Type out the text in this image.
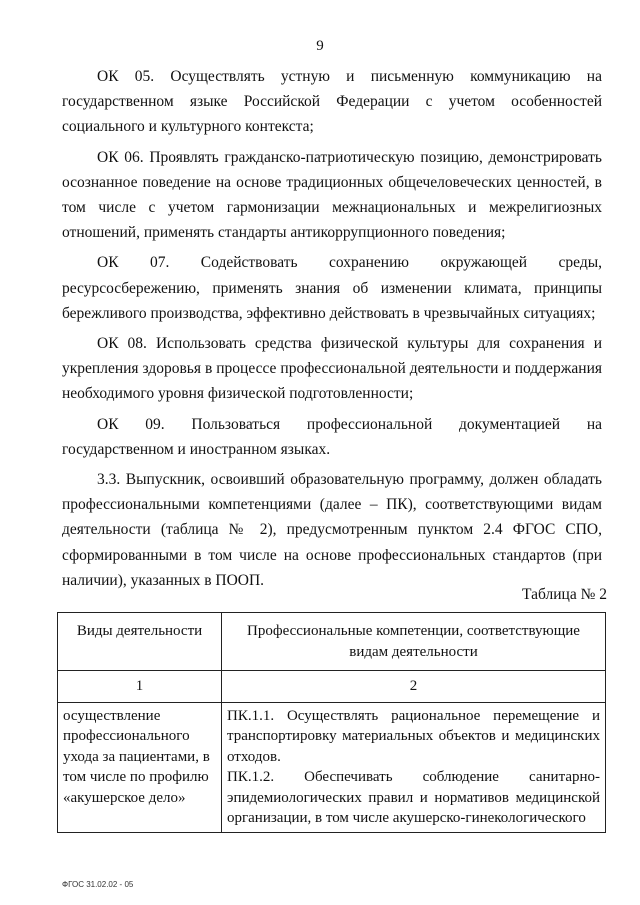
9

ОК 05. Осуществлять устную и письменную коммуникацию на государственном языке Российской Федерации с учетом особенностей социального и культурного контекста;

ОК 06. Проявлять гражданско-патриотическую позицию, демонстрировать осознанное поведение на основе традиционных общечеловеческих ценностей, в том числе с учетом гармонизации межнациональных и межрелигиозных отношений, применять стандарты антикоррупционного поведения;

ОК 07. Содействовать сохранению окружающей среды, ресурсосбережению, применять знания об изменении климата, принципы бережливого производства, эффективно действовать в чрезвычайных ситуациях;

ОК 08. Использовать средства физической культуры для сохранения и укрепления здоровья в процессе профессиональной деятельности и поддержания необходимого уровня физической подготовленности;

ОК 09. Пользоваться профессиональной документацией на государственном и иностранном языках.

3.3. Выпускник, освоивший образовательную программу, должен обладать профессиональными компетенциями (далее – ПК), соответствующими видам деятельности (таблица № 2), предусмотренным пунктом 2.4 ФГОС СПО, сформированными в том числе на основе профессиональных стандартов (при наличии), указанных в ПООП.

Таблица № 2
Виды деятельности	Профессиональные компетенции, соответствующие видам деятельности
1	2
осуществление профессионального ухода за пациентами, в том числе по профилю «акушерское дело»	ПК.1.1. Осуществлять рациональное перемещение и транспортировку материальных объектов и медицинских отходов.
ПК.1.2. Обеспечивать соблюдение санитарно-эпидемиологических правил и нормативов медицинской организации, в том числе акушерско-гинекологического
ФГОС 31.02.02 - 05
